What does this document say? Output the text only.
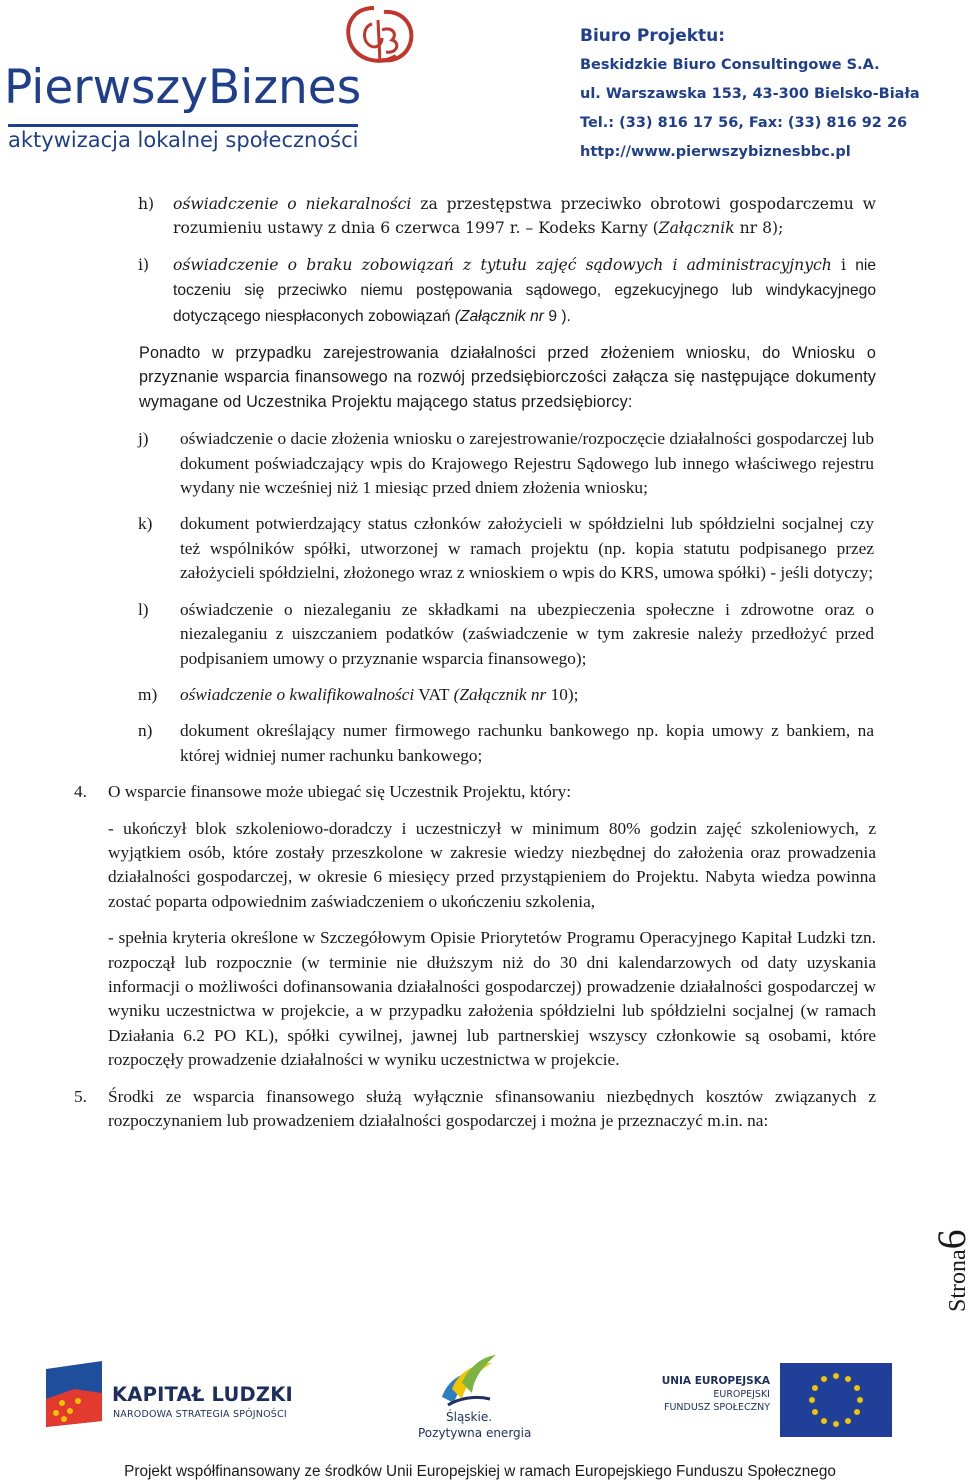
PierwszyBiznes
aktywizacja lokalnej społeczności
Biuro Projektu:
Beskidzkie Biuro Consultingowe S.A.
ul. Warszawska 153, 43-300 Bielsko-Biała
Tel.: (33) 816 17 56, Fax: (33) 816 92 26
http://www.pierwszybiznesbbc.pl
h) oświadczenie o niekaralności za przestępstwa przeciwko obrotowi gospodarczemu w rozumieniu ustawy z dnia 6 czerwca 1997 r. – Kodeks Karny (Załącznik nr 8);
i) oświadczenie o braku zobowiązań z tytułu zajęć sądowych i administracyjnych i nie toczeniu się przeciwko niemu postępowania sądowego, egzekucyjnego lub windykacyjnego dotyczącego niespłaconych zobowiązań (Załącznik nr 9 ).

Ponadto w przypadku zarejestrowania działalności przed złożeniem wniosku, do Wniosku o przyznanie wsparcia finansowego na rozwój przedsiębiorczości załącza się następujące dokumenty wymagane od Uczestnika Projektu mającego status przedsiębiorcy:

j) oświadczenie o dacie złożenia wniosku o zarejestrowanie/rozpoczęcie działalności gospodarczej lub dokument poświadczający wpis do Krajowego Rejestru Sądowego lub innego właściwego rejestru wydany nie wcześniej niż 1 miesiąc przed dniem złożenia wniosku;
k) dokument potwierdzający status członków założycieli w spółdzielni lub spółdzielni socjalnej czy też wspólników spółki, utworzonej w ramach projektu (np. kopia statutu podpisanego przez założycieli spółdzielni, złożonego wraz z wnioskiem o wpis do KRS, umowa spółki) - jeśli dotyczy;
l) oświadczenie o niezaleganiu ze składkami na ubezpieczenia społeczne i zdrowotne oraz o niezaleganiu z uiszczaniem podatków (zaświadczenie w tym zakresie należy przedłożyć przed podpisaniem umowy o przyznanie wsparcia finansowego);
m) oświadczenie o kwalifikowalności VAT (Załącznik nr 10);
n) dokument określający numer firmowego rachunku bankowego np. kopia umowy z bankiem, na której widniej numer rachunku bankowego;
4. O wsparcie finansowe może ubiegać się Uczestnik Projektu, który:
- ukończył blok szkoleniowo-doradczy i uczestniczył w minimum 80% godzin zajęć szkoleniowych, z wyjątkiem osób, które zostały przeszkolone w zakresie wiedzy niezbędnej do założenia oraz prowadzenia działalności gospodarczej, w okresie 6 miesięcy przed przystąpieniem do Projektu. Nabyta wiedza powinna zostać poparta odpowiednim zaświadczeniem o ukończeniu szkolenia,
- spełnia kryteria określone w Szczegółowym Opisie Priorytetów Programu Operacyjnego Kapitał Ludzki tzn. rozpoczął lub rozpocznie (w terminie nie dłuższym niż do 30 dni kalendarzowych od daty uzyskania informacji o możliwości dofinansowania działalności gospodarczej) prowadzenie działalności gospodarczej w wyniku uczestnictwa w projekcie, a w przypadku założenia spółdzielni lub spółdzielni socjalnej (w ramach Działania 6.2 PO KL), spółki cywilnej, jawnej lub partnerskiej wszyscy członkowie są osobami, które rozpoczęły prowadzenie działalności w wyniku uczestnictwa w projekcie.
5. Środki ze wsparcia finansowego służą wyłącznie sfinansowaniu niezbędnych kosztów związanych z rozpoczynaniem lub prowadzeniem działalności gospodarczej i można je przeznaczyć m.in. na:
Strona6
KAPITAŁ LUDZKI
NARODOWA STRATEGIA SPÓJNOŚCI	Śląskie.
Pozytywna energia
UNIA EUROPEJSKA
EUROPEJSKI
FUNDUSZ SPOŁECZNY
Projekt współfinansowany ze środków Unii Europejskiej w ramach Europejskiego Funduszu Społecznego
